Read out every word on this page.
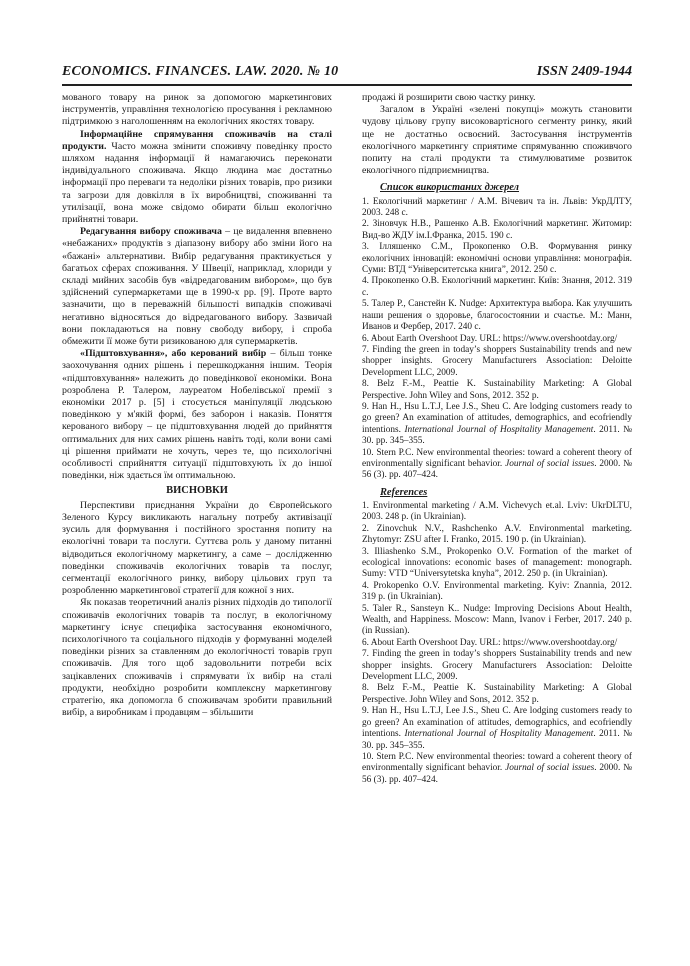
ECONOMICS. FINANCES. LAW. 2020. № 10	ISSN 2409-1944

мованого товару на ринок за допомогою маркетингових інструментів, управління технологією просування і рекламною підтримкою з наголошенням на екологічних якостях товару.

Інформаційне спрямування споживачів на сталі продукти. Часто можна змінити споживчу поведінку просто шляхом надання інформації й намагаючись переконати індивідуального споживача. Якщо людина має достатньо інформації про переваги та недоліки різних товарів, про ризики та загрози для довкілля в їх виробництві, споживанні та утилізації, вона може свідомо обирати більш екологічно прийнятні товари.

Редагування вибору споживача – це видалення впевнено «небажаних» продуктів з діапазону вибору або зміни його на «бажані» альтернативи. Вибір редагування практикується у багатьох сферах споживання. У Швеції, наприклад, хлориди у складі мийних засобів був «відредагованим вибором», що був здійснений супермаркетами ще в 1990-х рр. [9]. Проте варто зазначити, що в переважній більшості випадків споживачі негативно відносяться до відредагованого вибору. Зазвичай вони покладаються на повну свободу вибору, і спроба обмежити її може бути ризикованою для супермаркетів.

«Підштовхування», або керований вибір – більш тонке заохочування одних рішень і перешкоджання іншим. Теорія «підштовхування» належить до поведінкової економіки. Вона розроблена Р. Талером, лауреатом Нобелівської премії з економіки 2017 р. [5] і стосується маніпуляції людською поведінкою у м'якій формі, без заборон і наказів. Поняття керованого вибору – це підштовхування людей до прийняття оптимальних для них самих рішень навіть тоді, коли вони самі ці рішення приймати не хочуть, через те, що психологічні особливості сприйняття ситуації підштовхують їх до іншої поведінки, ніж здається їм оптимальною.

ВИСНОВКИ

Перспективи приєднання України до Європейського Зеленого Курсу викликають нагальну потребу активізації зусиль для формування і постійного зростання попиту на екологічні товари та послуги. Суттєва роль у даному питанні відводиться екологічному маркетингу, а саме – дослідженню поведінки споживачів екологічних товарів та послуг, сегментації екологічного ринку, вибору цільових груп та розробленню маркетингової стратегії для кожної з них.

Як показав теоретичний аналіз різних підходів до типології споживачів екологічних товарів та послуг, в екологічному маркетингу існує специфіка застосування економічного, психологічного та соціального підходів у формуванні моделей поведінки різних за ставленням до екологічності товарів груп споживачів. Для того щоб задовольнити потреби всіх зацікавлених споживачів і спрямувати їх вибір на сталі продукти, необхідно розробити комплексну маркетингову стратегію, яка допомогла б споживачам зробити правильний вибір, а виробникам і продавцям – збільшити

продажі й розширити свою частку ринку.

Загалом в Україні «зелені покупці» можуть становити чудову цільову групу високовартісного сегменту ринку, який ще не достатньо освоєний. Застосування інструментів екологічного маркетингу сприятиме спрямуванню споживчого попиту на сталі продукти та стимулюватиме розвиток екологічного підприємництва.

Список використаних джерел

1. Екологічний маркетинг / А.М. Вічевич та ін. Львів: УкрДЛТУ, 2003. 248 с.

2. Зіновчук Н.В., Рашенко А.В. Екологічний маркетинг. Житомир: Вид-во ЖДУ ім.І.Франка, 2015. 190 с.

3. Ілляшенко С.М., Прокопенко О.В. Формування ринку екологічних інновацій: економічні основи управління: монографія. Суми: ВТД “Університетська книга”, 2012. 250 с.

4. Прокопенко О.В. Екологічний маркетинг. Київ: Знання, 2012. 319 с.

5. Талер Р., Санстейн К. Nudge: Архитектура выбора. Как улучшить наши решения о здоровье, благосостоянии и счастье. М.: Манн, Иванов и Фербер, 2017. 240 с.

6. About Earth Overshoot Day. URL: https://www.overshootday.org/

7. Finding the green in today’s shoppers Sustainability trends and new shopper insights. Grocery Manufacturers Association: Deloitte Development LLC, 2009.

8. Belz F.-M., Peattie K. Sustainability Marketing: A Global Perspective. John Wiley and Sons, 2012. 352 p.

9. Han H., Hsu L.T.J, Lee J.S., Sheu C. Are lodging customers ready to go green? An examination of attitudes, demographics, and ecofriendly intentions. International Journal of Hospitality Management. 2011. № 30. pp. 345–355.

10. Stern P.C. New environmental theories: toward a coherent theory of environmentally significant behavior. Journal of social issues. 2000. № 56 (3). pp. 407–424.

References

1. Environmental marketing / A.M. Vichevych et.al. Lviv: UkrDLTU, 2003. 248 p. (in Ukrainian).

2. Zinovchuk N.V., Rashchenko A.V. Environmental marketing. Zhytomyr: ZSU after I. Franko, 2015. 190 p. (in Ukrainian).

3. Illiashenko S.M., Prokopenko O.V. Formation of the market of ecological innovations: economic bases of management: monograph. Sumy: VTD “Universytetska knyha”, 2012. 250 p. (in Ukrainian).

4. Prokopenko O.V. Environmental marketing. Kyiv: Znannia, 2012. 319 p. (in Ukrainian).

5. Taler R., Sansteyn K.. Nudge: Improving Decisions About Health, Wealth, and Happiness. Moscow: Mann, Ivanov i Ferber, 2017. 240 p. (in Russian).

6. About Earth Overshoot Day. URL: https://www.overshootday.org/

7. Finding the green in today’s shoppers Sustainability trends and new shopper insights. Grocery Manufacturers Association: Deloitte Development LLC, 2009.

8. Belz F.-M., Peattie K. Sustainability Marketing: A Global Perspective. John Wiley and Sons, 2012. 352 p.

9. Han H., Hsu L.T.J, Lee J.S., Sheu C. Are lodging customers ready to go green? An examination of attitudes, demographics, and ecofriendly intentions. International Journal of Hospitality Management. 2011. № 30. pp. 345–355.

10. Stern P.C. New environmental theories: toward a coherent theory of environmentally significant behavior. Journal of social issues. 2000. № 56 (3). pp. 407–424.
